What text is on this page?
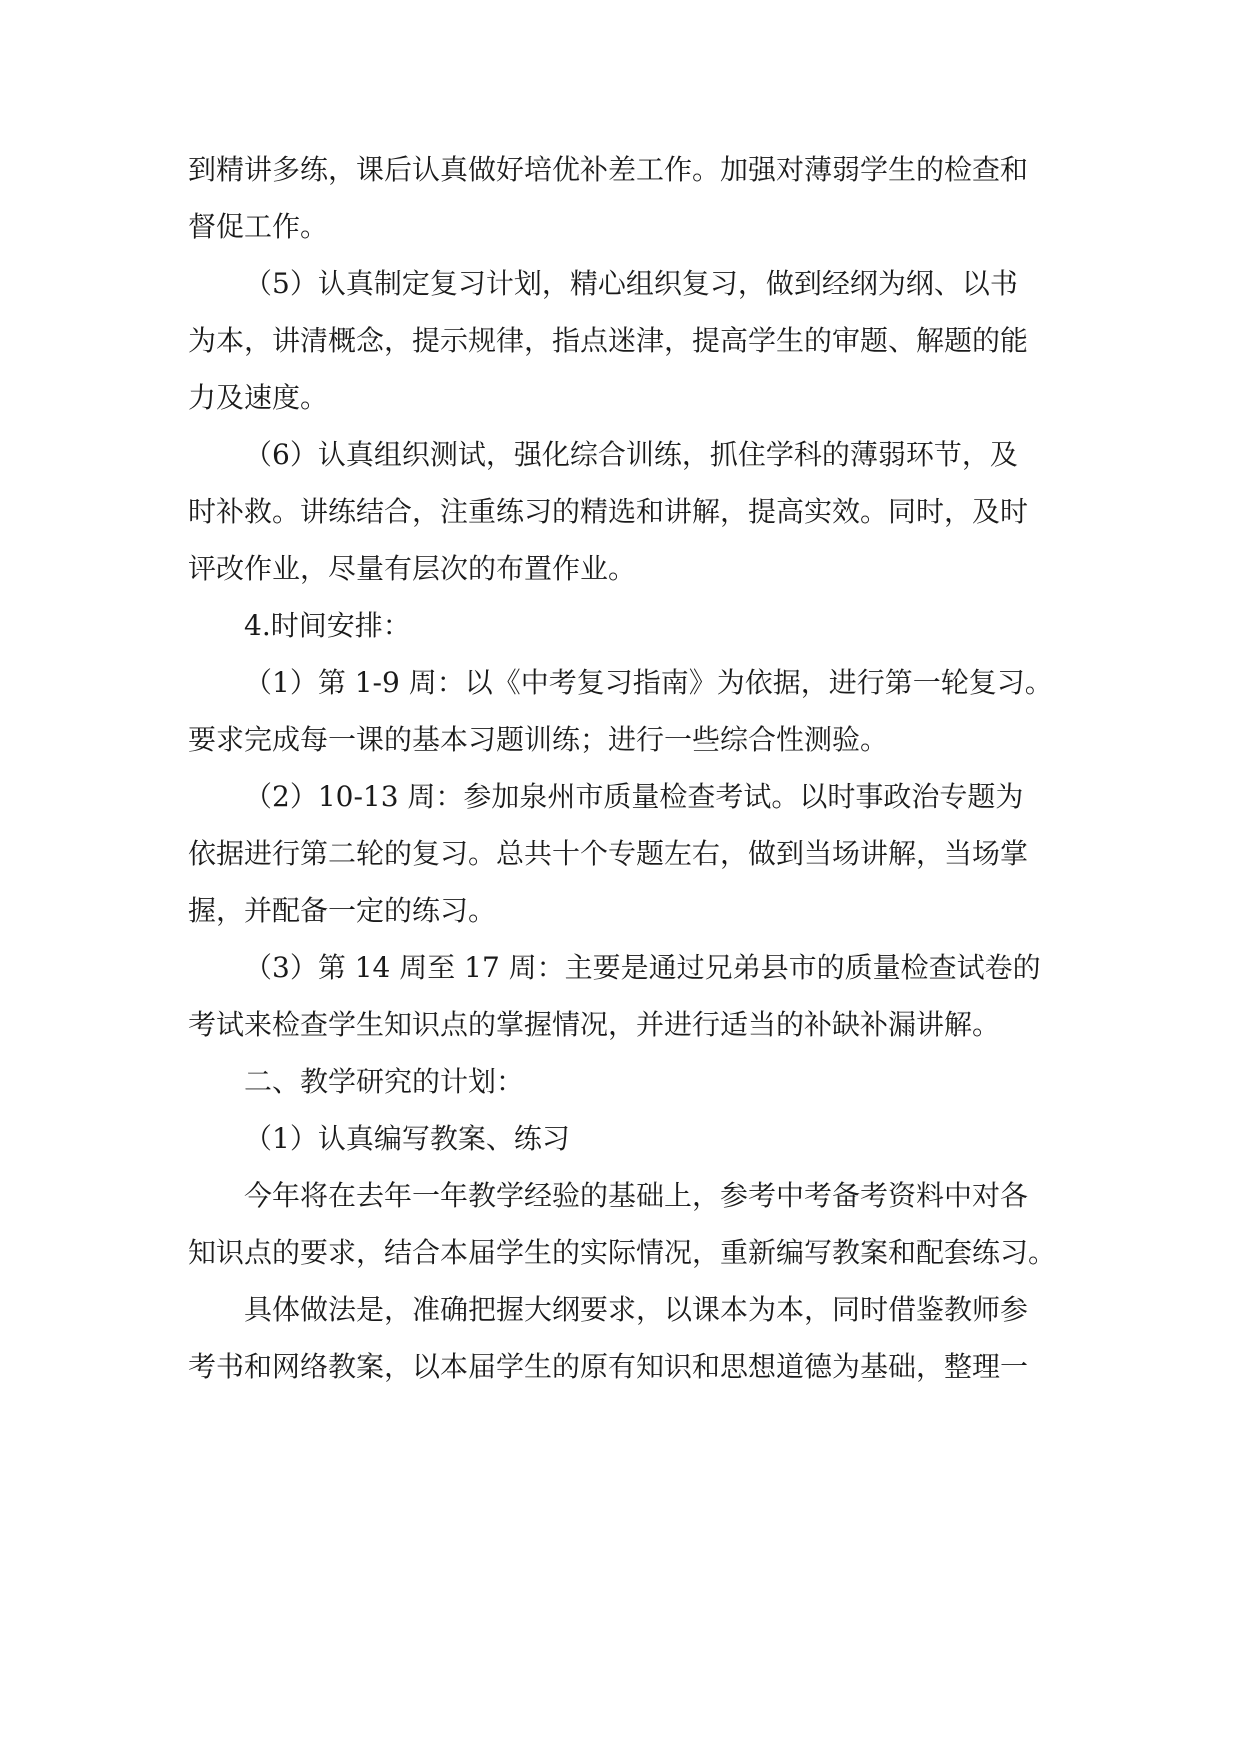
到精讲多练，课后认真做好培优补差工作。加强对薄弱学生的检查和
督促工作。
（5）认真制定复习计划，精心组织复习，做到经纲为纲、以书
为本，讲清概念，提示规律，指点迷津，提高学生的审题、解题的能
力及速度。
（6）认真组织测试，强化综合训练，抓住学科的薄弱环节，及
时补救。讲练结合，注重练习的精选和讲解，提高实效。同时，及时
评改作业，尽量有层次的布置作业。
4.时间安排：
（1）第 1-9 周：以《中考复习指南》为依据，进行第一轮复习。
要求完成每一课的基本习题训练；进行一些综合性测验。
（2）10-13 周：参加泉州市质量检查考试。以时事政治专题为
依据进行第二轮的复习。总共十个专题左右，做到当场讲解，当场掌
握，并配备一定的练习。
（3）第 14 周至 17 周：主要是通过兄弟县市的质量检查试卷的
考试来检查学生知识点的掌握情况，并进行适当的补缺补漏讲解。
二、教学研究的计划：
（1）认真编写教案、练习
今年将在去年一年教学经验的基础上，参考中考备考资料中对各
知识点的要求，结合本届学生的实际情况，重新编写教案和配套练习。
具体做法是，准确把握大纲要求，以课本为本，同时借鉴教师参
考书和网络教案，以本届学生的原有知识和思想道德为基础，整理一
